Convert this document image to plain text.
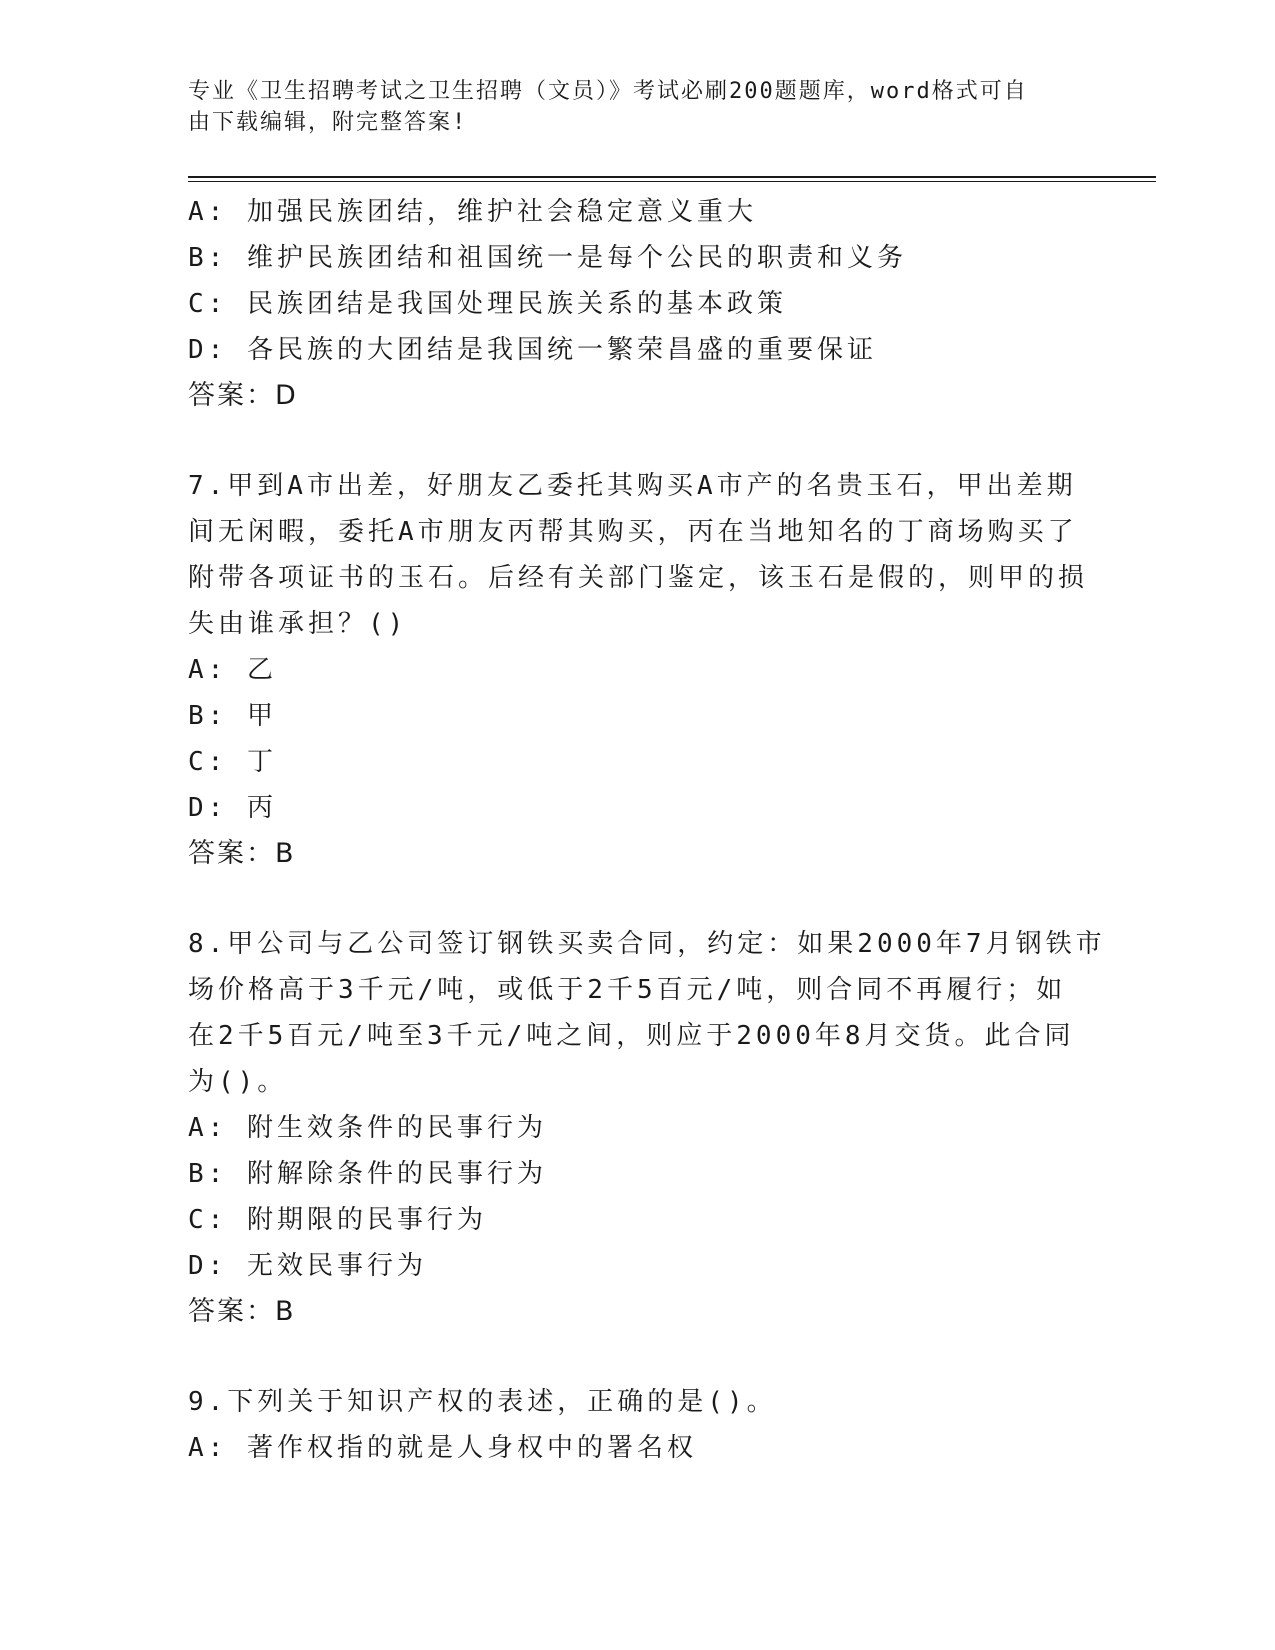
专业《卫生招聘考试之卫生招聘（文员）》考试必刷200题题库，word格式可自
由下载编辑，附完整答案!
A: 加强民族团结，维护社会稳定意义重大
B: 维护民族团结和祖国统一是每个公民的职责和义务
C: 民族团结是我国处理民族关系的基本政策
D: 各民族的大团结是我国统一繁荣昌盛的重要保证
答案：D
7.甲到A市出差，好朋友乙委托其购买A市产的名贵玉石，甲出差期
间无闲暇，委托A市朋友丙帮其购买，丙在当地知名的丁商场购买了
附带各项证书的玉石。后经有关部门鉴定，该玉石是假的，则甲的损
失由谁承担？()
A: 乙
B: 甲
C: 丁
D: 丙
答案：B
8.甲公司与乙公司签订钢铁买卖合同，约定：如果2000年7月钢铁市
场价格高于3千元/吨，或低于2千5百元/吨，则合同不再履行；如
在2千5百元/吨至3千元/吨之间，则应于2000年8月交货。此合同
为()。
A: 附生效条件的民事行为
B: 附解除条件的民事行为
C: 附期限的民事行为
D: 无效民事行为
答案：B
9.下列关于知识产权的表述，正确的是()。
A: 著作权指的就是人身权中的署名权
